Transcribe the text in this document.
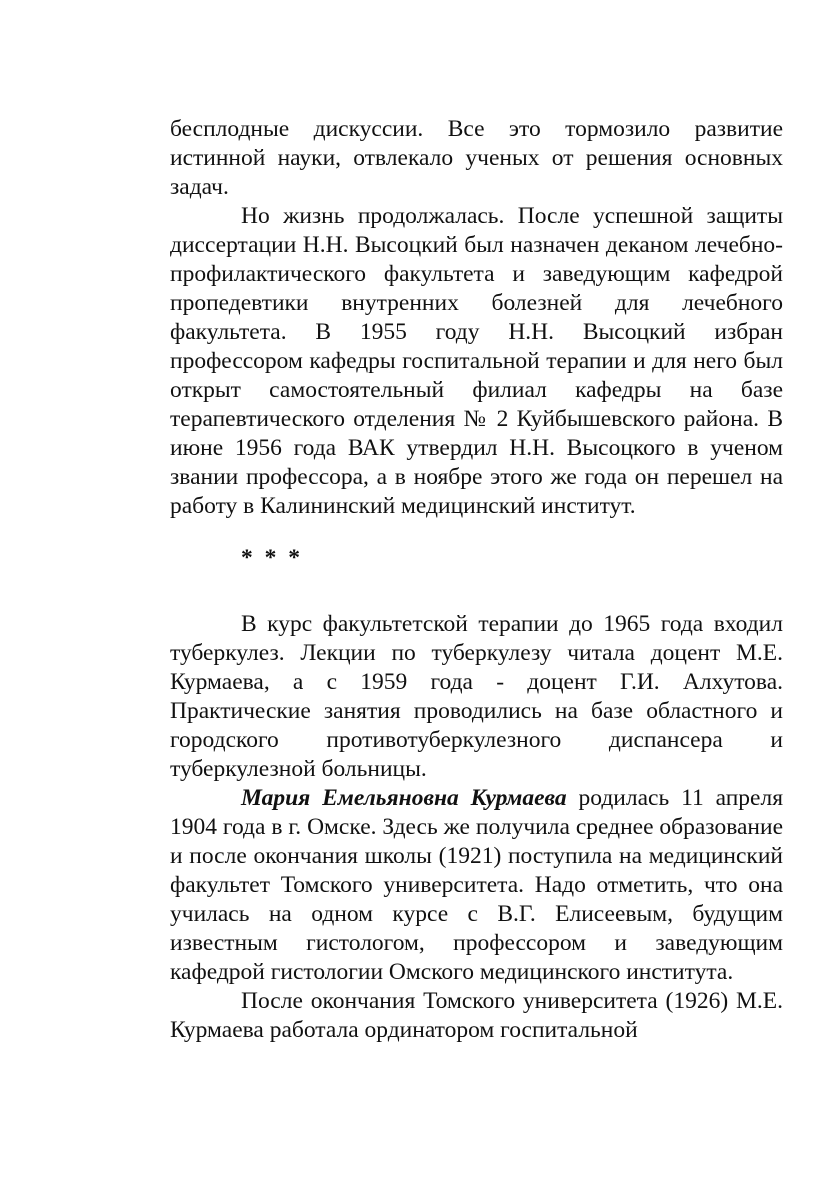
бесплодные дискуссии. Все это тормозило развитие истинной науки, отвлекало ученых от решения основных задач.

Но жизнь продолжалась. После успешной защиты диссертации Н.Н. Высоцкий был назначен деканом лечебно-профилактического факультета и заведующим кафедрой пропедевтики внутренних болезней для лечебного факультета. В 1955 году Н.Н. Высоцкий избран профессором кафедры госпитальной терапии и для него был открыт самостоятельный филиал кафедры на базе терапевтического отделения № 2 Куйбышевского района. В июне 1956 года ВАК утвердил Н.Н. Высоцкого в ученом звании профессора, а в ноябре этого же года он перешел на работу в Калининский медицинский институт.

* * *

В курс факультетской терапии до 1965 года входил туберкулез. Лекции по туберкулезу читала доцент М.Е. Курмаева, а с 1959 года - доцент Г.И. Алхутова. Практические занятия проводились на базе областного и городского противотуберкулезного диспансера и туберкулезной больницы.

Мария Емельяновна Курмаева родилась 11 апреля 1904 года в г. Омске. Здесь же получила среднее образование и после окончания школы (1921) поступила на медицинский факультет Томского университета. Надо отметить, что она училась на одном курсе с В.Г. Елисеевым, будущим известным гистологом, профессором и заведующим кафедрой гистологии Омского медицинского института.

После окончания Томского университета (1926) М.Е. Курмаева работала ординатором госпитальной
